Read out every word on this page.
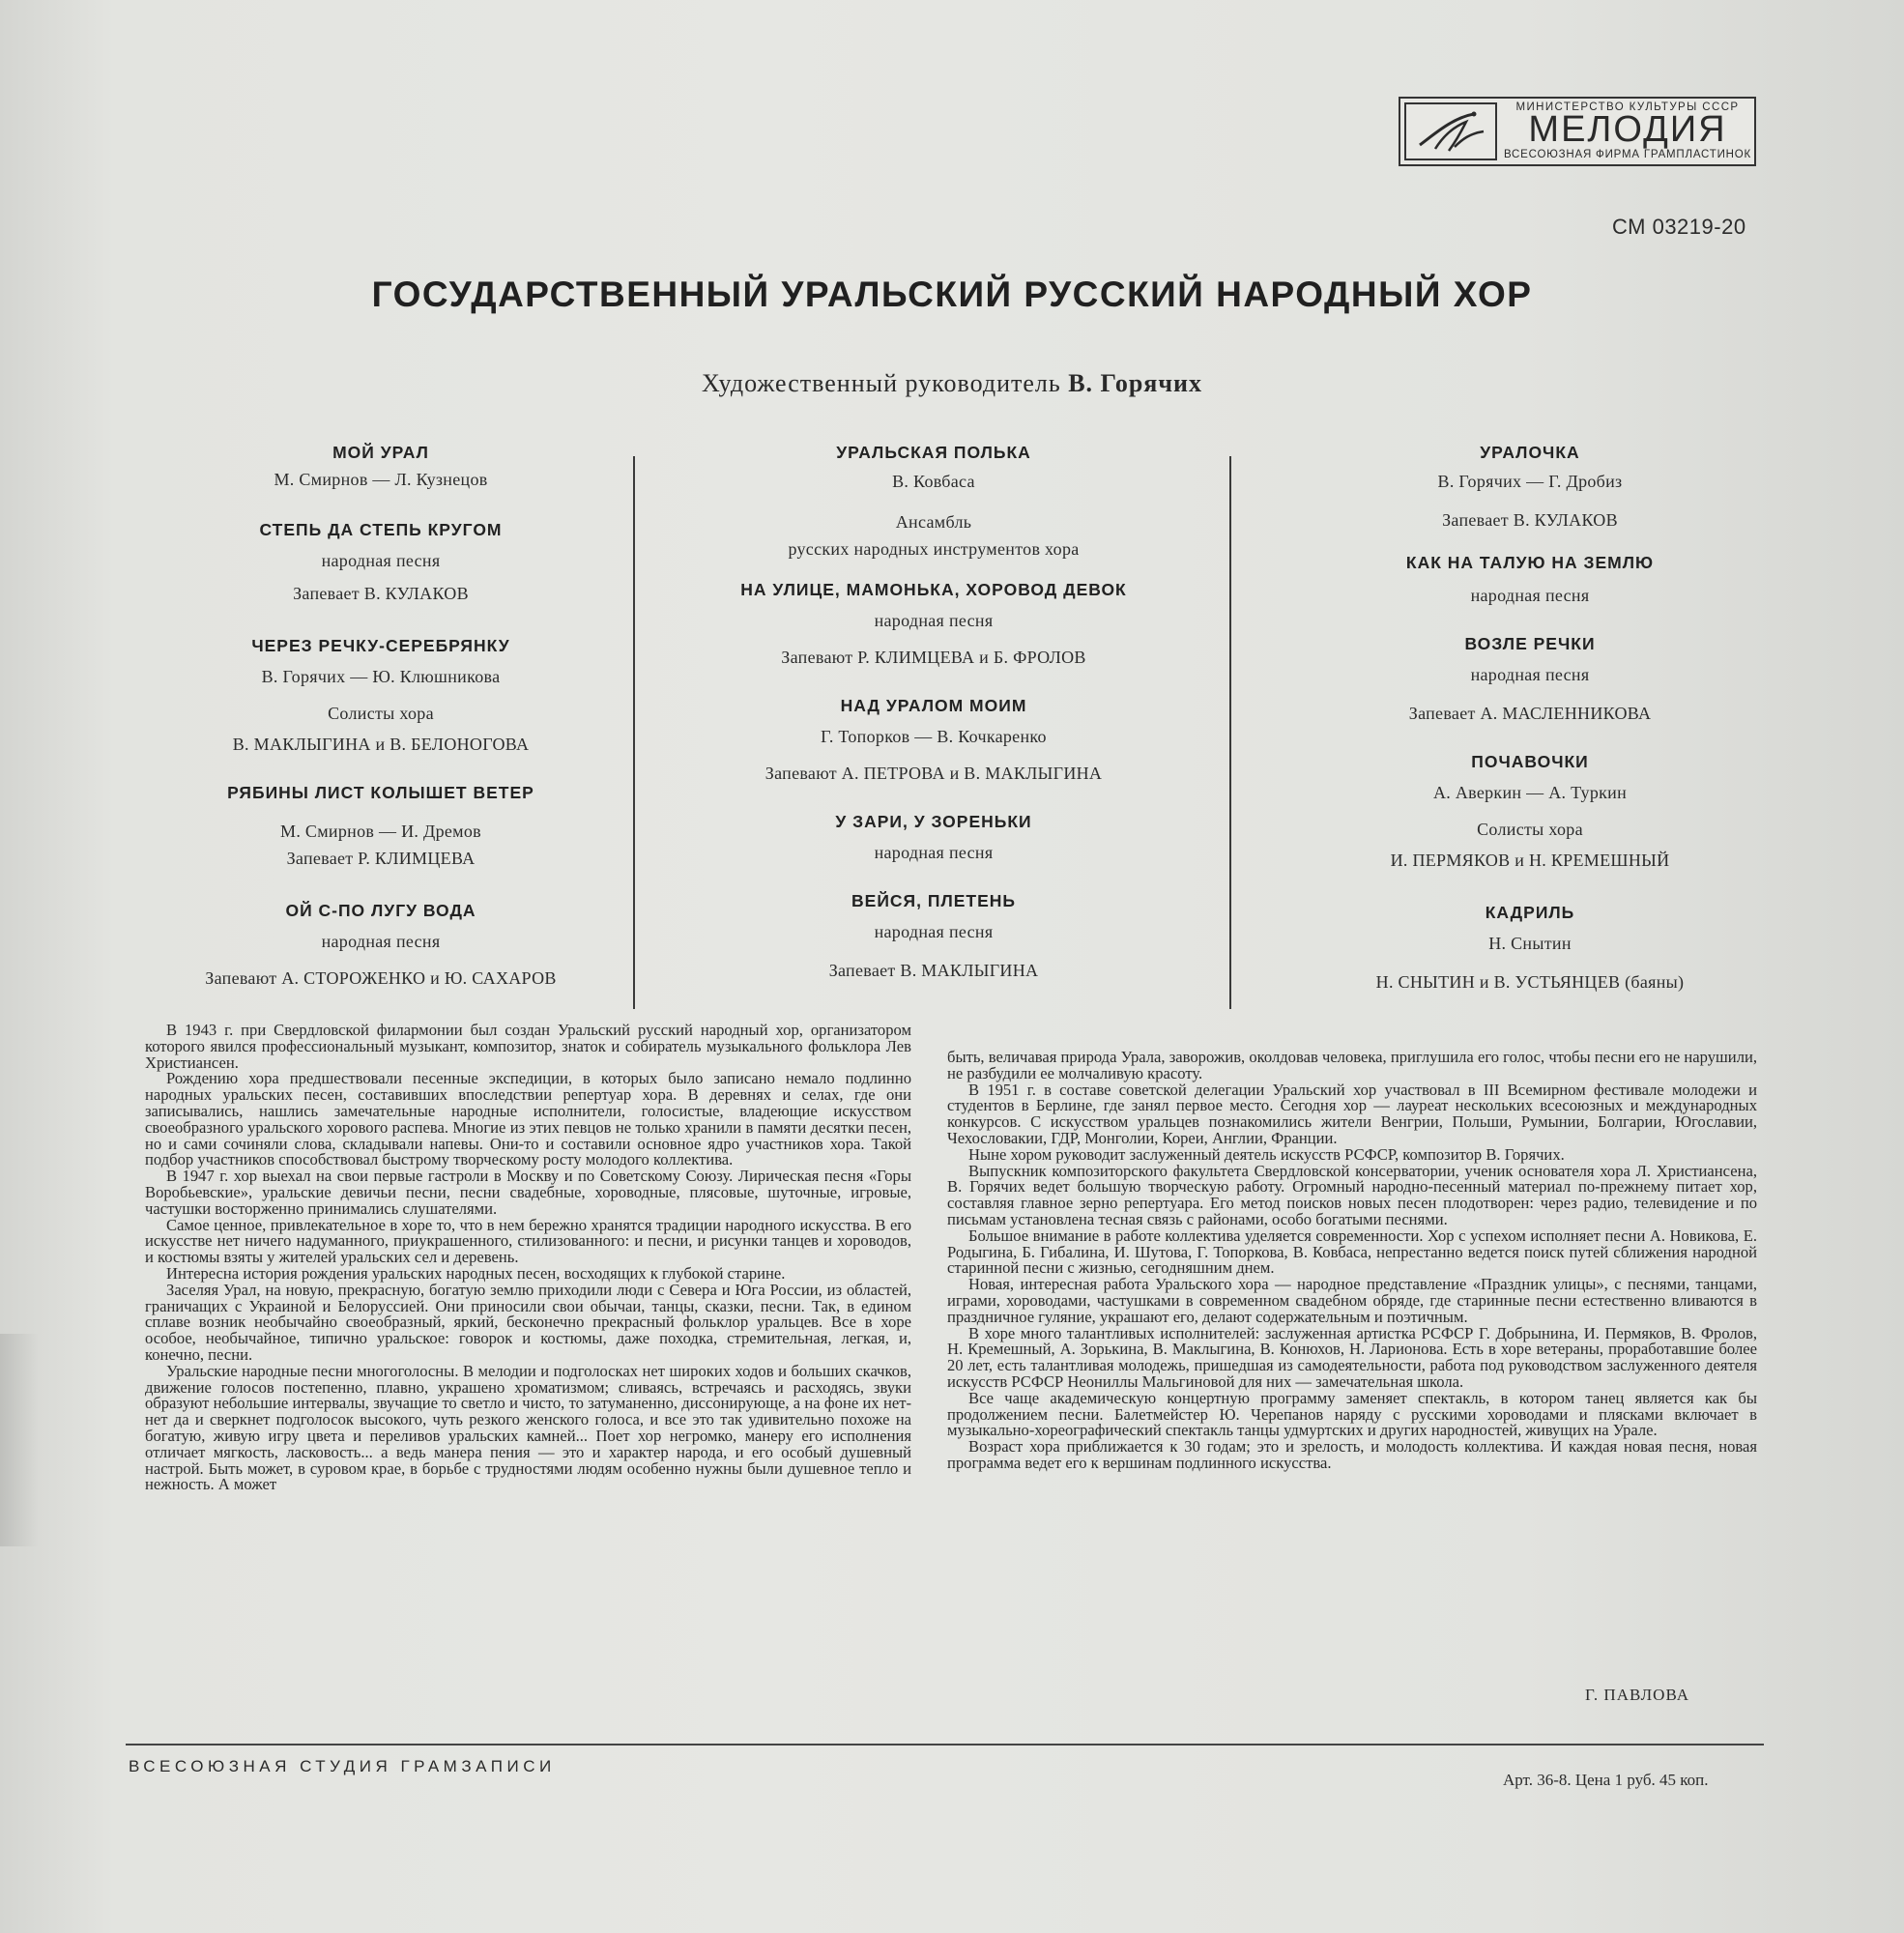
МИНИСТЕРСТВО КУЛЬТУРЫ СССР
МЕЛОДИЯ
ВСЕСОЮЗНАЯ ФИРМА ГРАМПЛАСТИНОК
СМ 03219-20
ГОСУДАРСТВЕННЫЙ УРАЛЬСКИЙ РУССКИЙ НАРОДНЫЙ ХОР
Художественный руководитель В. Горячих
МОЙ УРАЛ
М. Смирнов — Л. Кузнецов
СТЕПЬ ДА СТЕПЬ КРУГОМ
народная песня
Запевает В. КУЛАКОВ
ЧЕРЕЗ РЕЧКУ-СЕРЕБРЯНКУ
В. Горячих — Ю. Клюшникова
Солисты хора
В. МАКЛЫГИНА и В. БЕЛОНОГОВА
РЯБИНЫ ЛИСТ КОЛЫШЕТ ВЕТЕР
М. Смирнов — И. Дремов
Запевает Р. КЛИМЦЕВА
ОЙ С-ПО ЛУГУ ВОДА
народная песня
Запевают А. СТОРОЖЕНКО и Ю. САХАРОВ
УРАЛЬСКАЯ ПОЛЬКА
В. Ковбаса
Ансамбль
русских народных инструментов хора
НА УЛИЦЕ, МАМОНЬКА, ХОРОВОД ДЕВОК
народная песня
Запевают Р. КЛИМЦЕВА и Б. ФРОЛОВ
НАД УРАЛОМ МОИМ
Г. Топорков — В. Кочкаренко
Запевают А. ПЕТРОВА и В. МАКЛЫГИНА
У ЗАРИ, У ЗОРЕНЬКИ
народная песня
ВЕЙСЯ, ПЛЕТЕНЬ
народная песня
Запевает В. МАКЛЫГИНА
УРАЛОЧКА
В. Горячих — Г. Дробиз
Запевает В. КУЛАКОВ
КАК НА ТАЛУЮ НА ЗЕМЛЮ
народная песня
ВОЗЛЕ РЕЧКИ
народная песня
Запевает А. МАСЛЕННИКОВА
ПОЧАВОЧКИ
А. Аверкин — А. Туркин
Солисты хора
И. ПЕРМЯКОВ и Н. КРЕМЕШНЫЙ
КАДРИЛЬ
Н. Снытин
Н. СНЫТИН и В. УСТЬЯНЦЕВ (баяны)

В 1943 г. при Свердловской филармонии был создан Уральский русский народный хор, организатором которого явился профессиональный музыкант, композитор, знаток и собиратель музыкального фольклора Лев Христиансен.

Рождению хора предшествовали песенные экспедиции, в которых было записано немало подлинно народных уральских песен, составивших впоследствии репертуар хора. В деревнях и селах, где они записывались, нашлись замечательные народные исполнители, голосистые, владеющие искусством своеобразного уральского хорового распева. Многие из этих певцов не только хранили в памяти десятки песен, но и сами сочиняли слова, складывали напевы. Они-то и составили основное ядро участников хора. Такой подбор участников способствовал быстрому творческому росту молодого коллектива.

В 1947 г. хор выехал на свои первые гастроли в Москву и по Советскому Союзу. Лирическая песня «Горы Воробьевские», уральские девичьи песни, песни свадебные, хороводные, плясовые, шуточные, игровые, частушки восторженно принимались слушателями.

Самое ценное, привлекательное в хоре то, что в нем бережно хранятся традиции народного искусства. В его искусстве нет ничего надуманного, приукрашенного, стилизованного: и песни, и рисунки танцев и хороводов, и костюмы взяты у жителей уральских сел и деревень.

Интересна история рождения уральских народных песен, восходящих к глубокой старине.

Заселяя Урал, на новую, прекрасную, богатую землю приходили люди с Севера и Юга России, из областей, граничащих с Украиной и Белоруссией. Они приносили свои обычаи, танцы, сказки, песни. Так, в едином сплаве возник необычайно своеобразный, яркий, бесконечно прекрасный фольклор уральцев. Все в хоре особое, необычайное, типично уральское: говорок и костюмы, даже походка, стремительная, легкая, и, конечно, песни.

Уральские народные песни многоголосны. В мелодии и подголосках нет широких ходов и больших скачков, движение голосов постепенно, плавно, украшено хроматизмом; сливаясь, встречаясь и расходясь, звуки образуют небольшие интервалы, звучащие то светло и чисто, то затуманенно, диссонирующе, а на фоне их нет-нет да и сверкнет подголосок высокого, чуть резкого женского голоса, и все это так удивительно похоже на богатую, живую игру цвета и переливов уральских камней... Поет хор негромко, манеру его исполнения отличает мягкость, ласковость... а ведь манера пения — это и характер народа, и его особый душевный настрой. Быть может, в суровом крае, в борьбе с трудностями людям особенно нужны были душевное тепло и нежность. А может

быть, величавая природа Урала, заворожив, околдовав человека, приглушила его голос, чтобы песни его не нарушили, не разбудили ее молчаливую красоту.

В 1951 г. в составе советской делегации Уральский хор участвовал в III Всемирном фестивале молодежи и студентов в Берлине, где занял первое место. Сегодня хор — лауреат нескольких всесоюзных и международных конкурсов. С искусством уральцев познакомились жители Венгрии, Польши, Румынии, Болгарии, Югославии, Чехословакии, ГДР, Монголии, Кореи, Англии, Франции.

Ныне хором руководит заслуженный деятель искусств РСФСР, композитор В. Горячих.

Выпускник композиторского факультета Свердловской консерватории, ученик основателя хора Л. Христиансена, В. Горячих ведет большую творческую работу. Огромный народно-песенный материал по-прежнему питает хор, составляя главное зерно репертуара. Его метод поисков новых песен плодотворен: через радио, телевидение и по письмам установлена тесная связь с районами, особо богатыми песнями.

Большое внимание в работе коллектива уделяется современности. Хор с успехом исполняет песни А. Новикова, Е. Родыгина, Б. Гибалина, И. Шутова, Г. Топоркова, В. Ковбаса, непрестанно ведется поиск путей сближения народной старинной песни с жизнью, сегодняшним днем.

Новая, интересная работа Уральского хора — народное представление «Праздник улицы», с песнями, танцами, играми, хороводами, частушками в современном свадебном обряде, где старинные песни естественно вливаются в праздничное гуляние, украшают его, делают содержательным и поэтичным.

В хоре много талантливых исполнителей: заслуженная артистка РСФСР Г. Добрынина, И. Пермяков, В. Фролов, Н. Кремешный, А. Зорькина, В. Маклыгина, В. Конюхов, Н. Ларионова. Есть в хоре ветераны, проработавшие более 20 лет, есть талантливая молодежь, пришедшая из самодеятельности, работа под руководством заслуженного деятеля искусств РСФСР Неониллы Мальгиновой для них — замечательная школа.

Все чаще академическую концертную программу заменяет спектакль, в котором танец является как бы продолжением песни. Балетмейстер Ю. Черепанов наряду с русскими хороводами и плясками включает в музыкально-хореографический спектакль танцы удмуртских и других народностей, живущих на Урале.

Возраст хора приближается к 30 годам; это и зрелость, и молодость коллектива. И каждая новая песня, новая программа ведет его к вершинам подлинного искусства.

Г. ПАВЛОВА
ВСЕСОЮЗНАЯ СТУДИЯ ГРАМЗАПИСИ
Арт. 36-8. Цена 1 руб. 45 коп.
